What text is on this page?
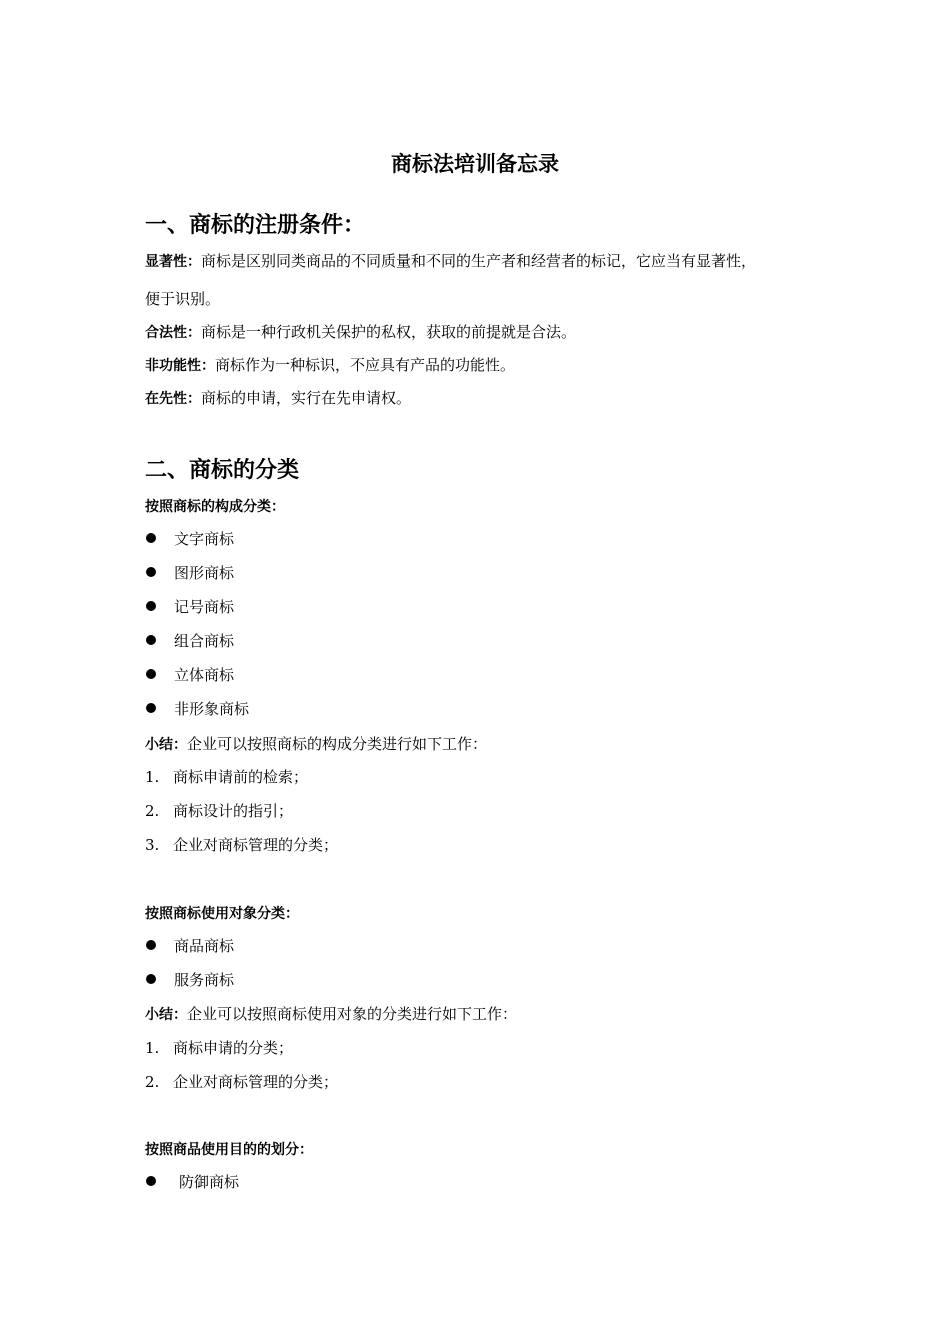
商标法培训备忘录
一、商标的注册条件：
显著性：商标是区别同类商品的不同质量和不同的生产者和经营者的标记，它应当有显著性，
便于识别。
合法性：商标是一种行政机关保护的私权，获取的前提就是合法。
非功能性：商标作为一种标识，不应具有产品的功能性。
在先性：商标的申请，实行在先申请权。
二、商标的分类
按照商标的构成分类：
文字商标
图形商标
记号商标
组合商标
立体商标
非形象商标
小结：企业可以按照商标的构成分类进行如下工作：
1. 商标申请前的检索；
2. 商标设计的指引；
3. 企业对商标管理的分类；
按照商标使用对象分类：
商品商标
服务商标
小结：企业可以按照商标使用对象的分类进行如下工作：
1. 商标申请的分类；
2. 企业对商标管理的分类；
按照商品使用目的的划分：
防御商标
